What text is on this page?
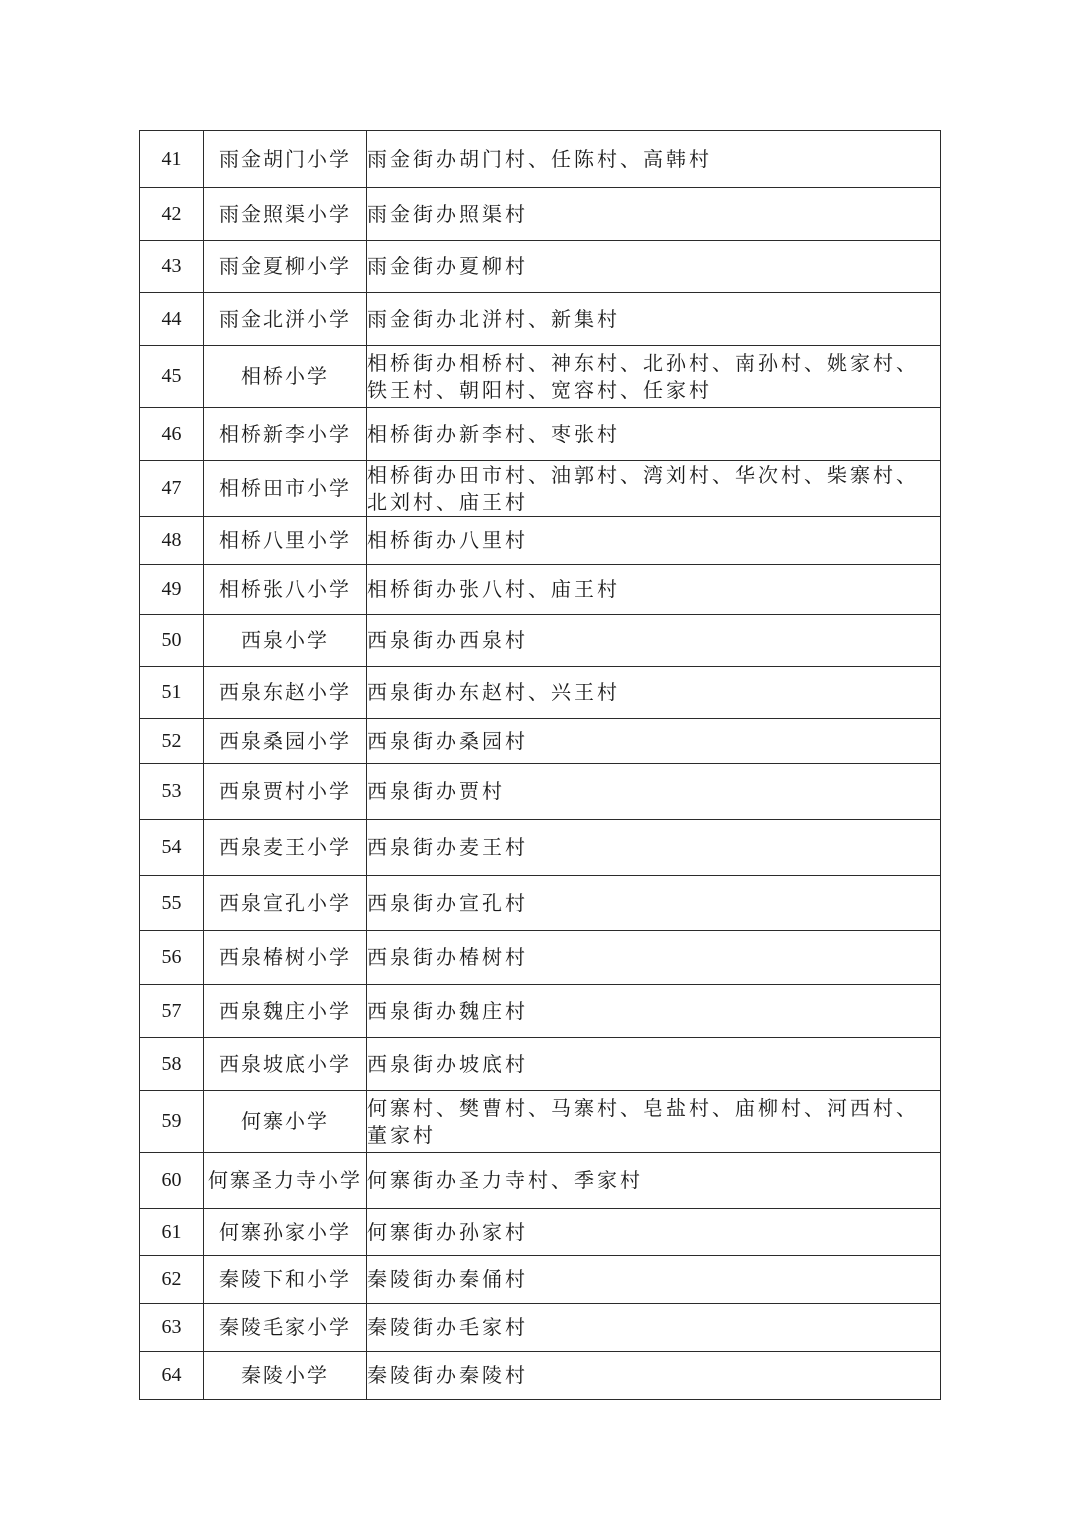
41	雨金胡门小学	雨金街办胡门村、任陈村、高韩村
42	雨金照渠小学	雨金街办照渠村
43	雨金夏柳小学	雨金街办夏柳村
44	雨金北洴小学	雨金街办北洴村、新集村
45	相桥小学	相桥街办相桥村、神东村、北孙村、南孙村、姚家村、铁王村、朝阳村、宽容村、任家村
46	相桥新李小学	相桥街办新李村、枣张村
47	相桥田市小学	相桥街办田市村、油郭村、湾刘村、华次村、柴寨村、北刘村、庙王村
48	相桥八里小学	相桥街办八里村
49	相桥张八小学	相桥街办张八村、庙王村
50	西泉小学	西泉街办西泉村
51	西泉东赵小学	西泉街办东赵村、兴王村
52	西泉桑园小学	西泉街办桑园村
53	西泉贾村小学	西泉街办贾村
54	西泉麦王小学	西泉街办麦王村
55	西泉宣孔小学	西泉街办宣孔村
56	西泉椿树小学	西泉街办椿树村
57	西泉魏庄小学	西泉街办魏庄村
58	西泉坡底小学	西泉街办坡底村
59	何寨小学	何寨村、樊曹村、马寨村、皂盐村、庙柳村、河西村、董家村
60	何寨圣力寺小学	何寨街办圣力寺村、季家村
61	何寨孙家小学	何寨街办孙家村
62	秦陵下和小学	秦陵街办秦俑村
63	秦陵毛家小学	秦陵街办毛家村
64	秦陵小学	秦陵街办秦陵村
